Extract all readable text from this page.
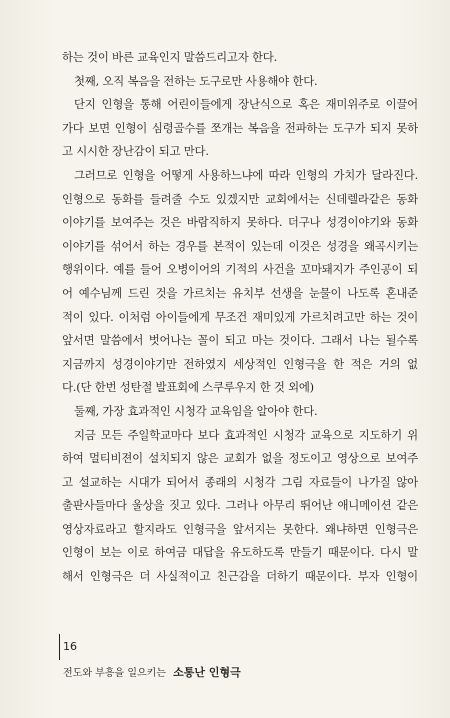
하는 것이 바른 교육인지 말씀드리고자 한다.
첫째, 오직 복음을 전하는 도구로만 사용해야 한다.
단지 인형을 통해 어린이들에게 장난식으로 혹은 재미위주로 이끌어
가다 보면 인형이 심령골수를 쪼개는 복음을 전파하는 도구가 되지 못하
고 시시한 장난감이 되고 만다.
그러므로 인형을 어떻게 사용하느냐에 따라 인형의 가치가 달라진다.
인형으로 동화를 들려줄 수도 있겠지만 교회에서는 신데렐라같은 동화
이야기를 보여주는 것은 바람직하지 못하다. 더구나 성경이야기와 동화
이야기를 섞어서 하는 경우를 본적이 있는데 이것은 성경을 왜곡시키는
행위이다. 예를 들어 오병이어의 기적의 사건을 꼬마돼지가 주인공이 되
어 예수님께 드린 것을 가르치는 유치부 선생을 눈물이 나도록 혼내준
적이 있다. 이처럼 아이들에게 무조건 재미있게 가르치려고만 하는 것이
앞서면 말씀에서 벗어나는 꼴이 되고 마는 것이다. 그래서 나는 될수록
지금까지 성경이야기만 전하였지 세상적인 인형극을 한 적은 거의 없
다.(단 한번 성탄절 발표회에 스쿠루우지 한 것 외에)
둘째, 가장 효과적인 시청각 교육임을 알아야 한다.
지금 모든 주일학교마다 보다 효과적인 시청각 교육으로 지도하기 위
하여 멀티비젼이 설치되지 않은 교회가 없을 정도이고 영상으로 보여주
고 설교하는 시대가 되어서 종래의 시청각 그림 자료들이 나가질 않아
출판사들마다 울상을 짓고 있다. 그러나 아무리 뛰어난 애니메이션 같은
영상자료라고 할지라도 인형극을 앞서지는 못한다. 왜냐하면 인형극은
인형이 보는 이로 하여금 대답을 유도하도록 만들기 때문이다. 다시 말
해서 인형극은 더 사실적이고 친근감을 더하기 때문이다. 부자 인형이
16
전도와 부흥을 일으키는 소통난 인형극
